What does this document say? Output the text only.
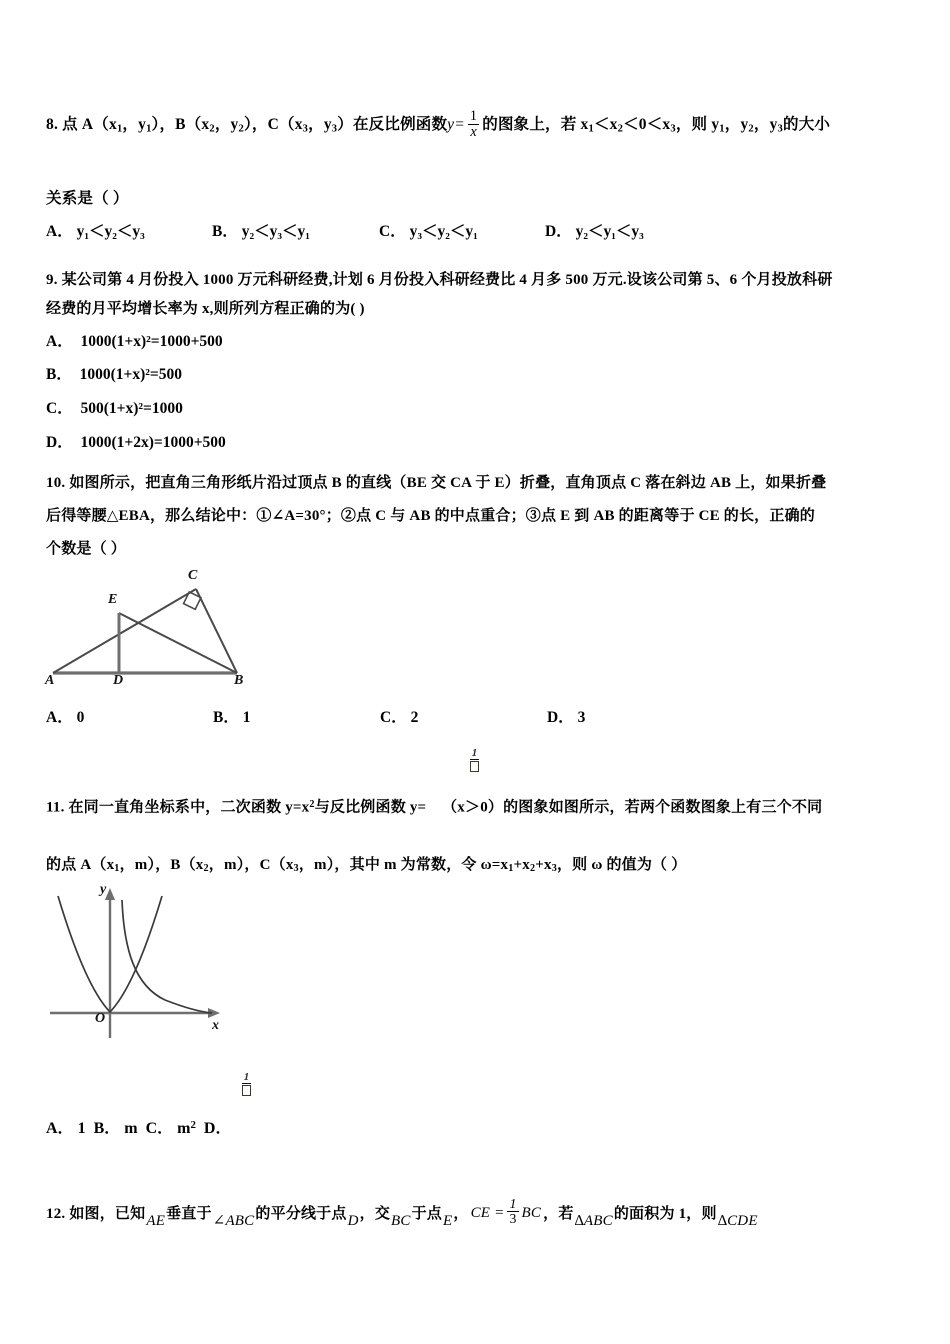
8. 点 $A(x_1$，$y_1$），$B(x_2$，$y_2$），$C(x_3$，$y_3$）在反比例函数$y= \frac{1}{x}$ 的图象上，若 $x_1<x_2<0<x_3$，则 $y_1$，$y_2$，$y_3$的大小
关系是（ ）
A． y₁＜y₂＜y₃	B． y₂＜y₃＜y₁	C． y₃＜y₂＜y₁	D． y₂＜y₁＜y₃
9. 某公司第 4 月份投入 1000 万元科研经费,计划 6 月份投入科研经费比 4 月多 500 万元.设该公司第 5、6 个月投放科研
经费的月平均增长率为 x,则所列方程正确的为( )
A． 1000(1+x)²=1000+500
B． 1000(1+x)²=500
C． 500(1+x)²=1000
D． 1000(1+2x)=1000+500
10. 如图所示，把直角三角形纸片沿过顶点 B 的直线（BE 交 CA 于 E）折叠，直角顶点 C 落在斜边 AB 上，如果折叠
后得等腰△EBA，那么结论中：①∠A=30°；②点 C 与 AB 的中点重合；③点 E 到 AB 的距离等于 CE 的长，正确的
个数是（ ）
A	D	B
E
C
A． 0	B． 1	C． 2	D． 3
1
11. 在同一直角坐标系中，二次函数 $y=x^2$与反比例函数 y= （x＞0）的图象如图所示，若两个函数图象上有三个不同
的点 $A(x_1$，m），$B(x_2$，m），$C(x_3$，m），其中 m 为常数，令 $\omega=x_1+x_2+x_3$，则 ω 的值为（ ）
y
x
O
1
A． 1 B． m C． $m^2$ D．
12. 如图，已知AE垂直于∠ABC的平分线于点D，交BC于点E， CE = $\frac{1}{3}$ BC ，若∆ABC的面积为 1，则∆CDE
